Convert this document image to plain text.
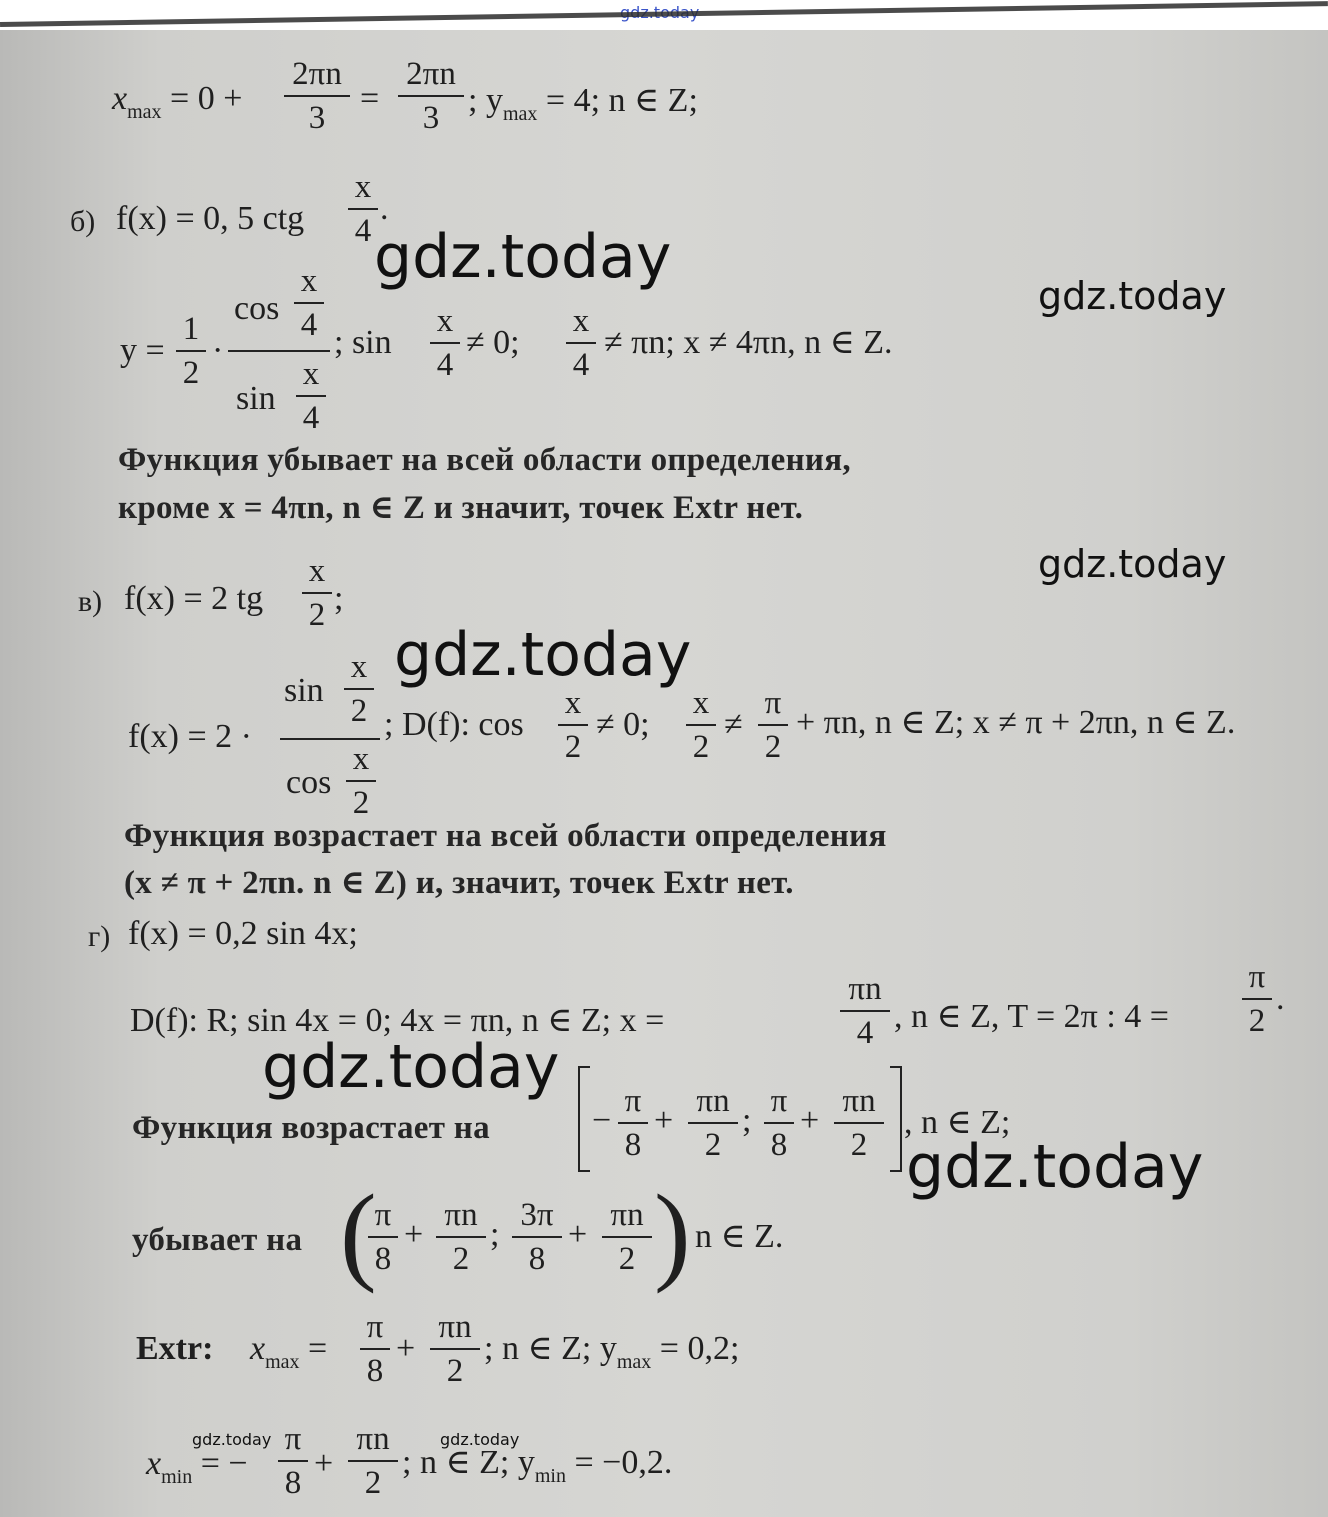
gdz.today
$x_{max} = 0$ +
2πn
3
=
2πn
3 ; $y_{max} = 4$; n ∈ Z;
б) f(x) = 0, 5 ctg
x
4
.
gdz.today
gdz.today
y =
1
2
·
cos
x
4
sin
x
4
; sin
x
4
≠ 0;
x
4
≠ πn; x ≠ 4πn, n ∈ Z.
Функция убывает на всей области определения,
кроме x = 4πn, n ∈ Z и значит, точек Extr нет.
gdz.today
в) f(x) = 2 tg
x
2 ;
gdz.today
f(x) = 2 ·
sin
x
2
cos
x
2
; D(f): cos
x
2
≠ 0;
x
2
≠
π
2
+ πn, n ∈ Z; x ≠ π + 2πn, n ∈ Z.
Функция возрастает на всей области определения
(x ≠ π + 2πn. n ∈ Z) и, значит, точек Extr нет.
г) f(x) = 0,2 sin 4x;
D(f): R; sin 4x = 0; 4x = πn, n ∈ Z; x =
πn
4 , n ∈ Z, T = 2π : 4 =
π
2
.
gdz.today
Функция возрастает на	−
π
8
+
πn
2
;
π
8
+
πn
2
, n ∈ Z;
gdz.today
убывает на (
π
8
+
πn
2
;
3π
8
+
πn
2 )
, n ∈ Z.
Extr: $x_{max}$ =
π
8
+
πn
2
; n ∈ Z; $y_{max} = 0,2$;
gdz.today	gdz.today
$x_{min}$ = −
π
8
+
πn
2
; n ∈ Z; $y_{min} = -0,2$.
